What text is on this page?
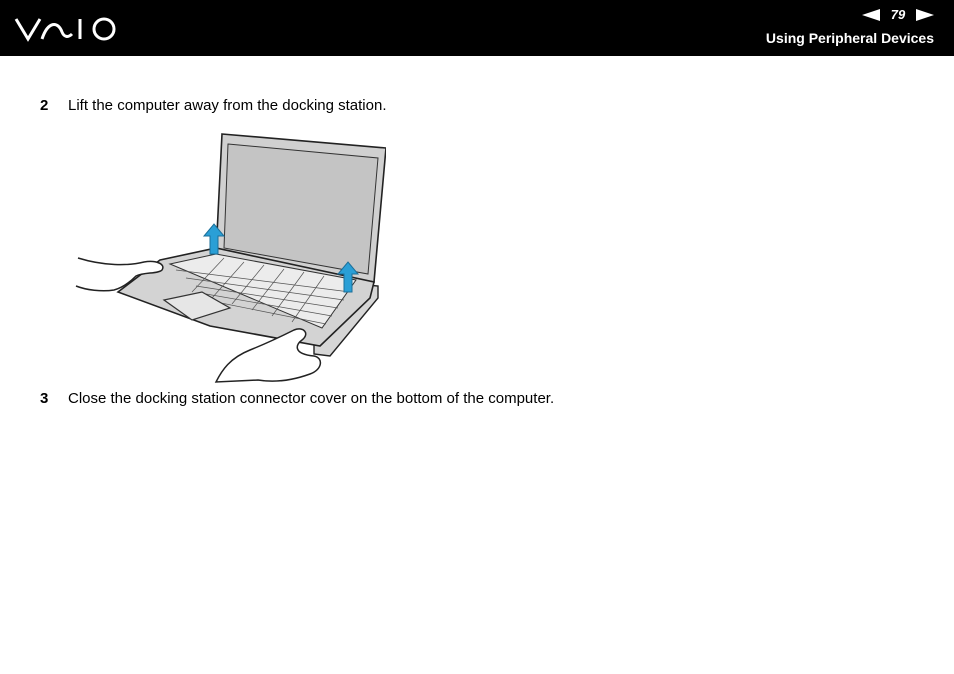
79
Using Peripheral Devices
2	Lift the computer away from the docking station.
3	Close the docking station connector cover on the bottom of the computer.
